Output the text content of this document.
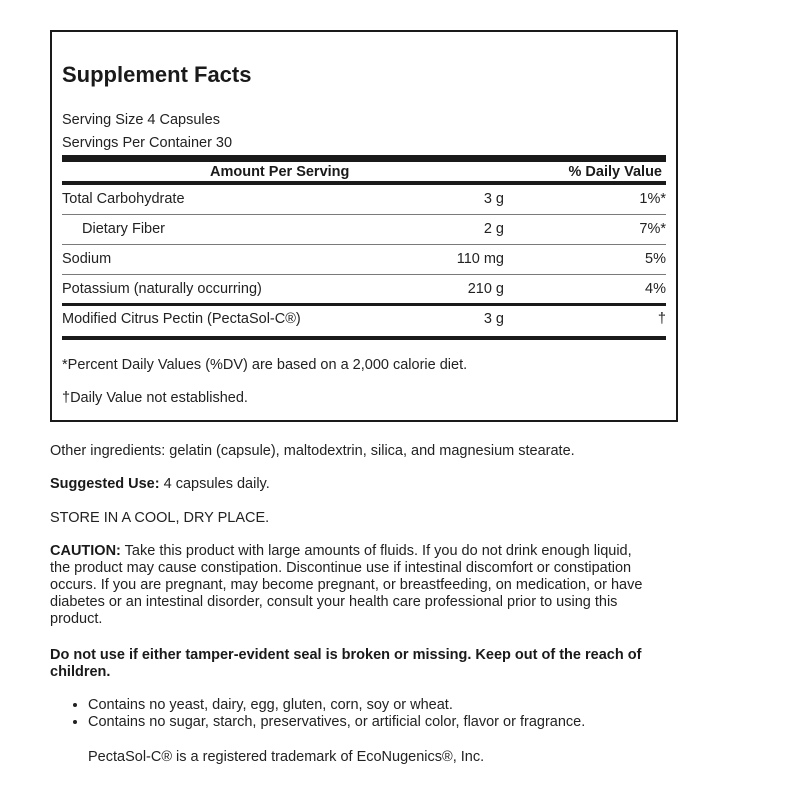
Supplement Facts
Serving Size 4 Capsules
Servings Per Container 30
Amount Per Serving	% Daily Value
Total Carbohydrate	3 g	1%*
Dietary Fiber	2 g	7%*
Sodium	110 mg	5%
Potassium (naturally occurring)	210 g	4%
Modified Citrus Pectin (PectaSol-C®)	3 g	†
*Percent Daily Values (%DV) are based on a 2,000 calorie diet.
†Daily Value not established.
Other ingredients: gelatin (capsule), maltodextrin, silica, and magnesium stearate.
Suggested Use: 4 capsules daily.
STORE IN A COOL, DRY PLACE.
CAUTION: Take this product with large amounts of fluids. If you do not drink enough liquid, the product may cause constipation. Discontinue use if intestinal discomfort or constipation occurs. If you are pregnant, may become pregnant, or breastfeeding, on medication, or have diabetes or an intestinal disorder, consult your health care professional prior to using this product.
Do not use if either tamper-evident seal is broken or missing. Keep out of the reach of children.
• Contains no yeast, dairy, egg, gluten, corn, soy or wheat.
• Contains no sugar, starch, preservatives, or artificial color, flavor or fragrance.
PectaSol-C® is a registered trademark of EcoNugenics®, Inc.
